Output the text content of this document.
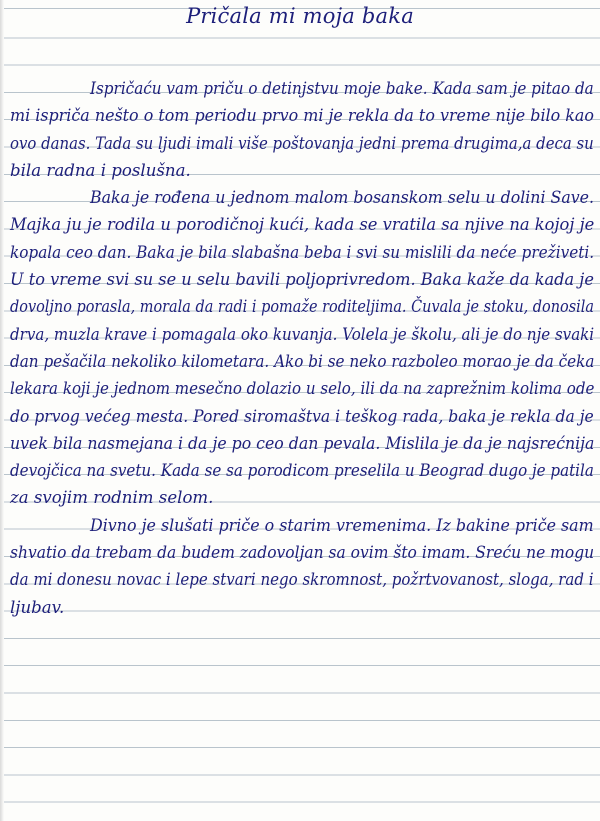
Pričala mi moja baka
Ispričaću vam priču o detinjstvu moje bake. Kada sam je pitao da
mi ispriča nešto o tom periodu prvo mi je rekla da to vreme nije bilo kao
ovo danas. Tada su ljudi imali više poštovanja jedni prema drugima,a deca su
bila radna i poslušna.
Baka je rođena u jednom malom bosanskom selu u dolini Save.
Majka ju je rodila u porodičnoj kući, kada se vratila sa njive na kojoj je
kopala ceo dan. Baka je bila slabašna beba i svi su mislili da neće preživeti.
U to vreme svi su se u selu bavili poljoprivredom. Baka kaže da kada je
dovoljno porasla, morala da radi i pomaže roditeljima. Čuvala je stoku, donosila
drva, muzla krave i pomagala oko kuvanja. Volela je školu, ali je do nje svaki
dan pešačila nekoliko kilometara. Ako bi se neko razboleo morao je da čeka
lekara koji je jednom mesečno dolazio u selo, ili da na zaprežnim kolima ode
do prvog većeg mesta. Pored siromaštva i teškog rada, baka je rekla da je
uvek bila nasmejana i da je po ceo dan pevala. Mislila je da je najsrećnija
devojčica na svetu. Kada se sa porodicom preselila u Beograd dugo je patila
za svojim rodnim selom.
Divno je slušati priče o starim vremenima. Iz bakine priče sam
shvatio da trebam da budem zadovoljan sa ovim što imam. Sreću ne mogu
da mi donesu novac i lepe stvari nego skromnost, požrtvovanost, sloga, rad i
ljubav.
